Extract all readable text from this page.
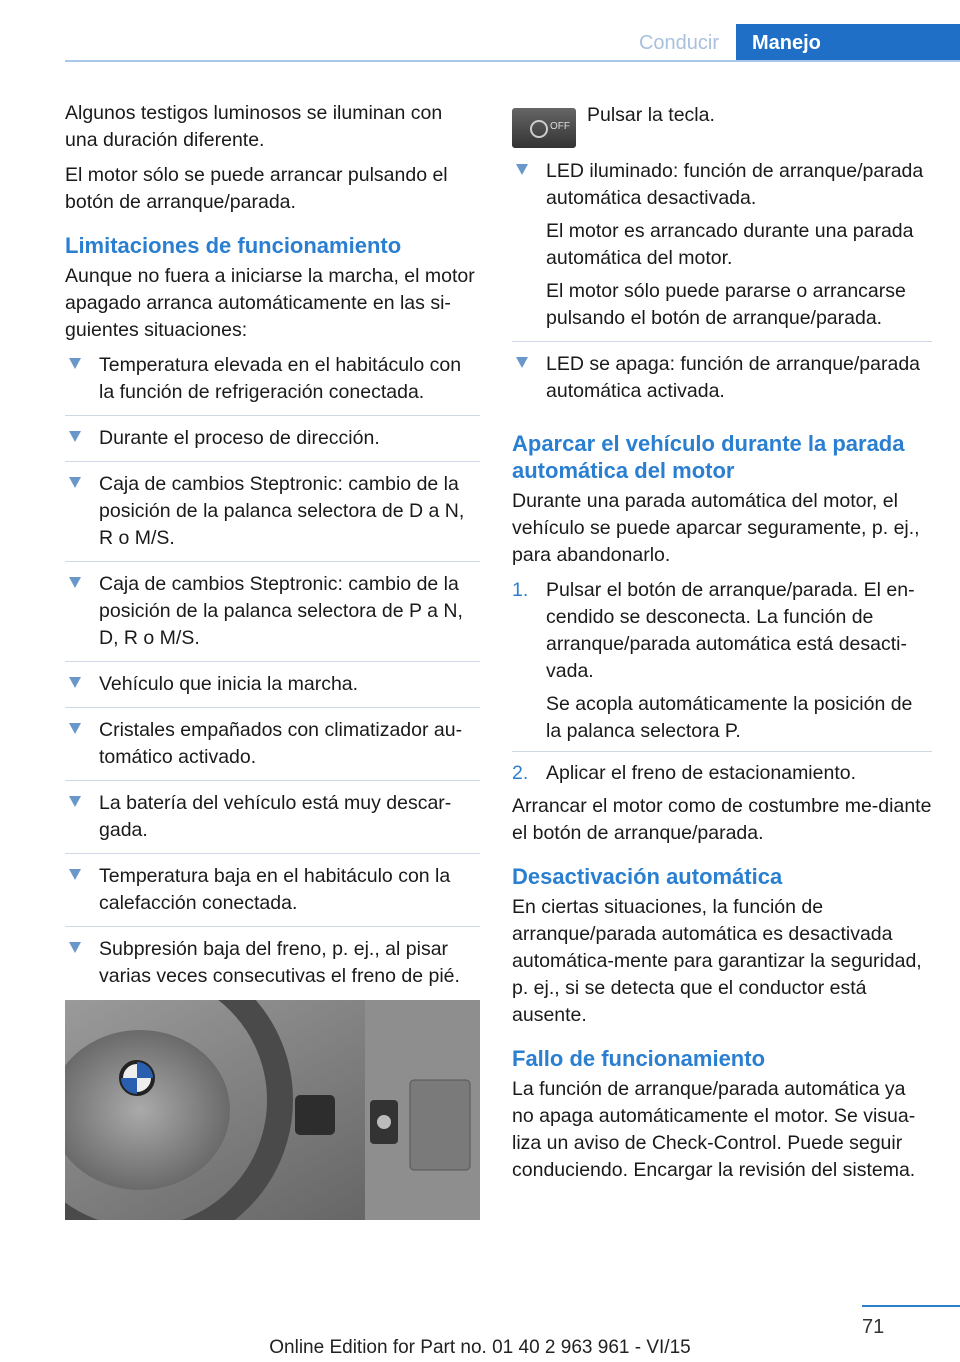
Conducir	Manejo

Algunos testigos luminosos se iluminan con una duración diferente.

El motor sólo se puede arrancar pulsando el botón de arranque/parada.

Limitaciones de funcionamiento

Aunque no fuera a iniciarse la marcha, el motor apagado arranca automáticamente en las si‐guientes situaciones:

Temperatura elevada en el habitáculo con la función de refrigeración conectada.
Durante el proceso de dirección.
Caja de cambios Steptronic: cambio de la posición de la palanca selectora de D a N, R o M/S.
Caja de cambios Steptronic: cambio de la posición de la palanca selectora de P a N, D, R o M/S.
Vehículo que inicia la marcha.
Cristales empañados con climatizador au‐tomático activado.
La batería del vehículo está muy descar‐gada.
Temperatura baja en el habitáculo con la calefacción conectada.
Subpresión baja del freno, p. ej., al pisar varias veces consecutivas el freno de pié.
OFF
Pulsar la tecla.
LED iluminado: función de arranque/parada automática desactivada.
El motor es arrancado durante una parada automática del motor.
El motor sólo puede pararse o arrancarse pulsando el botón de arranque/parada.
LED se apaga: función de arranque/parada automática activada.
Aparcar el vehículo durante la parada automática del motor

Durante una parada automática del motor, el vehículo se puede aparcar seguramente, p. ej., para abandonarlo.

1. Pulsar el botón de arranque/parada. El en‐cendido se desconecta. La función de arranque/parada automática está desacti‐vada.
Se acopla automáticamente la posición de la palanca selectora P.
2. Aplicar el freno de estacionamiento.

Arrancar el motor como de costumbre me‐diante el botón de arranque/parada.

Desactivación automática

En ciertas situaciones, la función de arranque/parada automática es desactivada automática‐mente para garantizar la seguridad, p. ej., si se detecta que el conductor está ausente.

Fallo de funcionamiento

La función de arranque/parada automática ya no apaga automáticamente el motor. Se visua‐liza un aviso de Check-Control. Puede seguir conduciendo. Encargar la revisión del sistema.

71
Online Edition for Part no. 01 40 2 963 961 - VI/15
